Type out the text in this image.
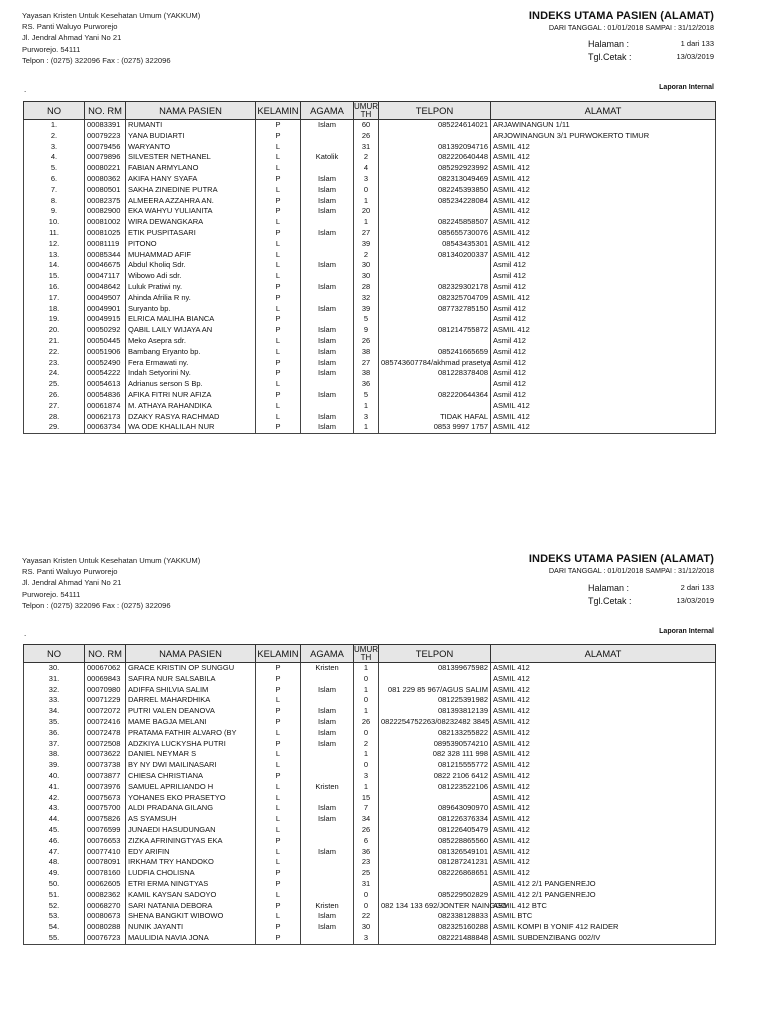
Yayasan Kristen Untuk Kesehatan Umum (YAKKUM)
RS. Panti Waluyo Purworejo
Jl. Jendral Ahmad Yani No 21
Purworejo. 54111
Telpon : (0275) 322096 Fax : (0275) 322096
INDEKS UTAMA PASIEN (ALAMAT)
DARI TANGGAL : 01/01/2018 SAMPAI : 31/12/2018
Halaman :	1 dari 133
Tgl.Cetak :	13/03/2019
.	Laporan Internal
NO	NO. RM	NAMA PASIEN	KELAMIN	AGAMA	UMUR TH	TELPON	ALAMAT
1.	00083391	RUMANTI	P	Islam	60	085224614021	ARJAWINANGUN 1/11
2.	00079223	YANA BUDIARTI	P		26		ARJOWINANGUN 3/1 PURWOKERTO TIMUR
3.	00079456	WARYANTO	L		31	081392094716	ASMIL 412
4.	00079896	SILVESTER NETHANEL	L	Katolik	2	082220640448	ASMIL 412
5.	00080221	FABIAN ARMYLANO	L		4	085292923992	ASMIL 412
6.	00080362	AKIFA HANY SYAFA	P	Islam	3	082313049469	ASMIL 412
7.	00080501	SAKHA ZINEDINE PUTRA	L	Islam	0	082245393850	ASMIL 412
8.	00082375	ALMEERA AZZAHRA AN.	P	Islam	1	085234228084	ASMIL 412
9.	00082900	EKA WAHYU YULIANITA	P	Islam	20		ASMIL 412
10.	00081002	WIRA DEWANGKARA	L		1	082245858507	ASMIL 412
11.	00081025	ETIK PUSPITASARI	P	Islam	27	085655730076	ASMIL 412
12.	00081119	PITONO	L		39	08543435301	ASMIL 412
13.	00085344	MUHAMMAD AFIF	L		2	081340200337	ASMIL 412
14.	00046675	Abdul Kholiq Sdr.	L	Islam	30		Asmil 412
15.	00047117	Wibowo Adi sdr.	L		30		Asmil 412
16.	00048642	Luluk Pratiwi ny.	P	Islam	28	082329302178	Asmil 412
17.	00049507	Ahinda Afrilia R ny.	P		32	082325704709	ASMIL 412
18.	00049901	Suryanto bp.	L	Islam	39	087732785150	Asmil 412
19.	00049915	ELRICA MALIHA BIANCA	P		5		Asmil 412
20.	00050292	QABIL LAILY WIJAYA AN	P	Islam	9	081214755872	ASMIL 412
21.	00050445	Meko Asepra sdr.	L	Islam	26		Asmil 412
22.	00051906	Bambang Eryanto bp.	L	Islam	38	085241665659	Asmil 412
23.	00052490	Fera Ermawati ny.	P	Islam	27	085743607784/akhmad prasetya	Asmil 412
24.	00054222	Indah Setyorini Ny.	P	Islam	38	081228378408	Asmil 412
25.	00054613	Adrianus serson S Bp.	L		36		Asmil 412
26.	00054836	AFIKA FITRI NUR AFIZA	P	Islam	5	082220644364	Asmil 412
27.	00061874	M. ATHAYA RAHANDIKA	L		1		ASMIL 412
28.	00062173	DZAKY RASYA RACHMAD	L	Islam	3	TIDAK HAFAL	ASMIL 412
29.	00063734	WA ODE KHALILAH NUR	P	Islam	1	0853 9997 1757	ASMIL 412
Yayasan Kristen Untuk Kesehatan Umum (YAKKUM)
RS. Panti Waluyo Purworejo
Jl. Jendral Ahmad Yani No 21
Purworejo. 54111
Telpon : (0275) 322096 Fax : (0275) 322096
INDEKS UTAMA PASIEN (ALAMAT)
DARI TANGGAL : 01/01/2018 SAMPAI : 31/12/2018
Halaman :	2 dari 133
Tgl.Cetak :	13/03/2019
.	Laporan Internal
NO	NO. RM	NAMA PASIEN	KELAMIN	AGAMA	UMUR TH	TELPON	ALAMAT
30.	00067062	GRACE KRISTIN OP SUNGGU	P	Kristen	1	081399675982	ASMIL 412
31.	00069843	SAFIRA NUR SALSABILA	P		0		ASMIL 412
32.	00070980	ADIFFA SHILVIA SALIM	P	Islam	1	081 229 85 967/AGUS SALIM	ASMIL 412
33.	00071229	DARREL MAHARDHIKA	L		0	081225391982	ASMIL 412
34.	00072072	PUTRI VALEN DEANOVA	P	Islam	1	081393812139	ASMIL 412
35.	00072416	MAME BAGJA MELANI	P	Islam	26	0822254752263/08232482 3845	ASMIL 412
36.	00072478	PRATAMA FATHIR ALVARO (BY	L	Islam	0	082133255822	ASMIL 412
37.	00072508	ADZKIYA LUCKYSHA PUTRI	P	Islam	2	0895390574210	ASMIL 412
38.	00073622	DANIEL NEYMAR S	L		1	082 328 111 998	ASMIL 412
39.	00073738	BY NY DWI MAILINASARI	L		0	081215555772	ASMIL 412
40.	00073877	CHIESA CHRISTIANA	P		3	0822 2106 6412	ASMIL 412
41.	00073976	SAMUEL APRILIANDO H	L	Kristen	1	081223522106	ASMIL 412
42.	00075673	YOHANES EKO PRASETYO	L		15		ASMIL 412
43.	00075700	ALDI PRADANA GILANG	L	Islam	7	089643090970	ASMIL 412
44.	00075826	AS SYAMSUH	L	Islam	34	081226376334	ASMIL 412
45.	00076599	JUNAEDI HASUDUNGAN	L		26	081226405479	ASMIL 412
46.	00076653	ZIZKA AFRININGTYAS EKA	P		6	085228865560	ASMIL 412
47.	00077410	EDY ARIFIN	L	Islam	36	081326549101	ASMIL 412
48.	00078091	IRKHAM TRY HANDOKO	L		23	081287241231	ASMIL 412
49.	00078160	LUDFIA CHOLISNA	P		25	082226868651	ASMIL 412
50.	00062605	ETRI ERMA NINGTYAS	P		31		ASMIL 412 2/1 PANGENREJO
51.	00082362	KAMIL KAYSAN SADOYO	L		0	085229502829	ASMIL 412 2/1 PANGENREJO
52.	00068270	SARI NATANIA DEBORA	P	Kristen	0	082 134 133 692/JONTER NAINGGO	ASMIL 412 BTC
53.	00080673	SHENA BANGKIT WIBOWO	L	Islam	22	082338128833	ASMIL BTC
54.	00080288	NUNIK JAYANTI	P	Islam	30	082325160288	ASMIL KOMPI B YONIF 412 RAIDER
55.	00076723	MAULIDIA NAVIA JONA	P		3	082221488848	ASMIL SUBDENZIBANG 002/IV
